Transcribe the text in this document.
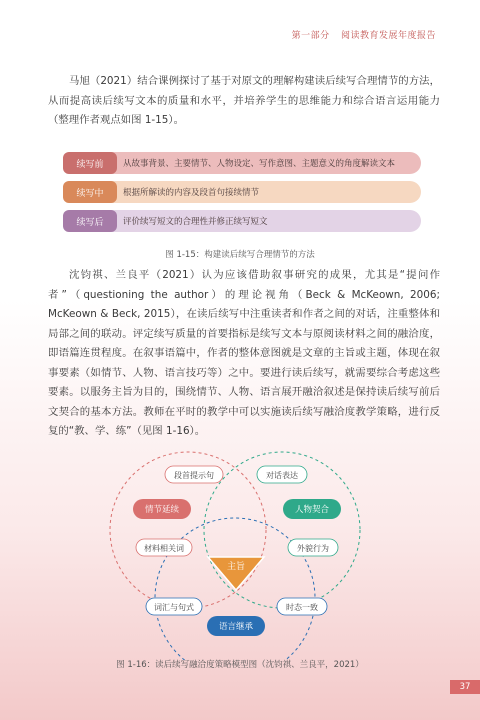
第一部分 阅读教育发展年度报告

马旭（2021）结合课例探讨了基于对原文的理解构建读后续写合理情节的方法，从而提高读后续写文本的质量和水平，并培养学生的思维能力和综合语言运用能力（整理作者观点如图 1-15）。

从故事背景、主要情节、人物设定、写作意图、主题意义的角度解读文本
续写前
根据所解读的内容及段首句接续情节
续写中
评价续写短文的合理性并修正续写短文
续写后
图 1-15：构建读后续写合理情节的方法

沈钧祺、兰良平（2021）认为应该借助叙事研究的成果，尤其是“提问作者”（questioning the author）的理论视角（Beck & McKeown, 2006; McKeown & Beck, 2015），在读后续写中注重读者和作者之间的对话，注重整体和局部之间的联动。评定续写质量的首要指标是续写文本与原阅读材料之间的融洽度，即语篇连贯程度。在叙事语篇中，作者的整体意图就是文章的主旨或主题，体现在叙事要素（如情节、人物、语言技巧等）之中。要进行读后续写，就需要综合考虑这些要素。以服务主旨为目的，围绕情节、人物、语言展开融洽叙述是保持读后续写前后文契合的基本方法。教师在平时的教学中可以实施读后续写融洽度教学策略，进行反复的“教、学、练”（见图 1-16）。

主旨
情节延续	人物契合
语言继承
段首提示句	对话表达
材料相关词	外貌行为
词汇与句式	时态一致
图 1-16：读后续写融洽度策略模型图（沈钧祺、兰良平，2021）
37
